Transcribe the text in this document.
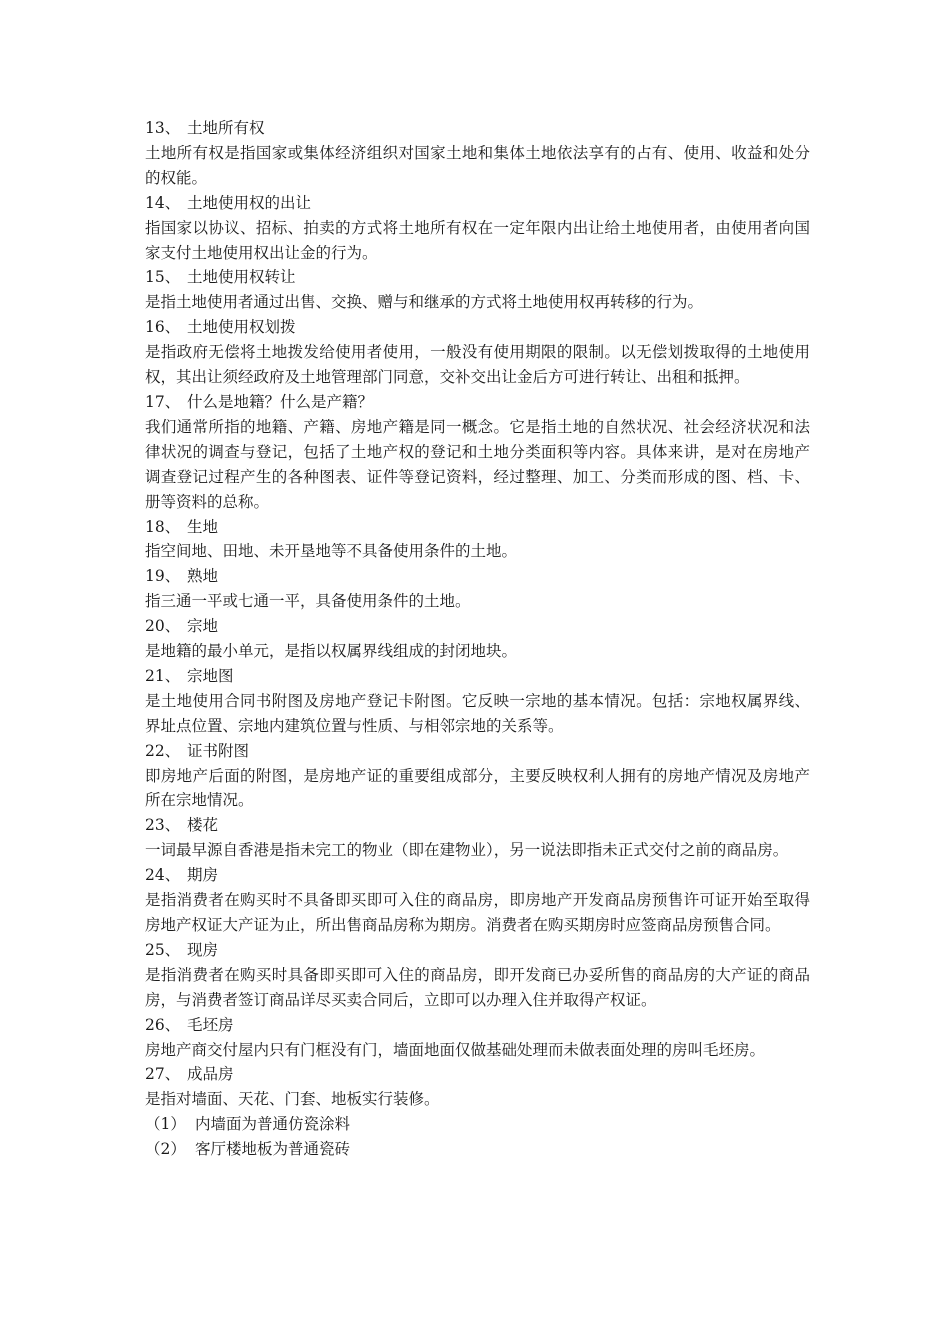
13、 土地所有权
土地所有权是指国家或集体经济组织对国家土地和集体土地依法享有的占有、使用、收益和处分的权能。
14、 土地使用权的出让
指国家以协议、招标、拍卖的方式将土地所有权在一定年限内出让给土地使用者，由使用者向国家支付土地使用权出让金的行为。
15、 土地使用权转让
是指土地使用者通过出售、交换、赠与和继承的方式将土地使用权再转移的行为。
16、 土地使用权划拨
是指政府无偿将土地拨发给使用者使用，一般没有使用期限的限制。以无偿划拨取得的土地使用权，其出让须经政府及土地管理部门同意，交补交出让金后方可进行转让、出租和抵押。
17、 什么是地籍？什么是产籍？
我们通常所指的地籍、产籍、房地产籍是同一概念。它是指土地的自然状况、社会经济状况和法律状况的调查与登记，包括了土地产权的登记和土地分类面积等内容。具体来讲，是对在房地产调查登记过程产生的各种图表、证件等登记资料，经过整理、加工、分类而形成的图、档、卡、册等资料的总称。
18、 生地
指空间地、田地、未开垦地等不具备使用条件的土地。
19、 熟地
指三通一平或七通一平，具备使用条件的土地。
20、 宗地
是地籍的最小单元，是指以权属界线组成的封闭地块。
21、 宗地图
是土地使用合同书附图及房地产登记卡附图。它反映一宗地的基本情况。包括：宗地权属界线、界址点位置、宗地内建筑位置与性质、与相邻宗地的关系等。
22、 证书附图
即房地产后面的附图，是房地产证的重要组成部分，主要反映权利人拥有的房地产情况及房地产所在宗地情况。
23、 楼花
一词最早源自香港是指未完工的物业（即在建物业），另一说法即指未正式交付之前的商品房。
24、 期房
是指消费者在购买时不具备即买即可入住的商品房，即房地产开发商品房预售许可证开始至取得房地产权证大产证为止，所出售商品房称为期房。消费者在购买期房时应签商品房预售合同。
25、 现房
是指消费者在购买时具备即买即可入住的商品房，即开发商已办妥所售的商品房的大产证的商品房，与消费者签订商品详尽买卖合同后，立即可以办理入住并取得产权证。
26、 毛坯房
房地产商交付屋内只有门框没有门，墙面地面仅做基础处理而未做表面处理的房叫毛坯房。
27、 成品房
是指对墙面、天花、门套、地板实行装修。
（1） 内墙面为普通仿瓷涂料
（2） 客厅楼地板为普通瓷砖
